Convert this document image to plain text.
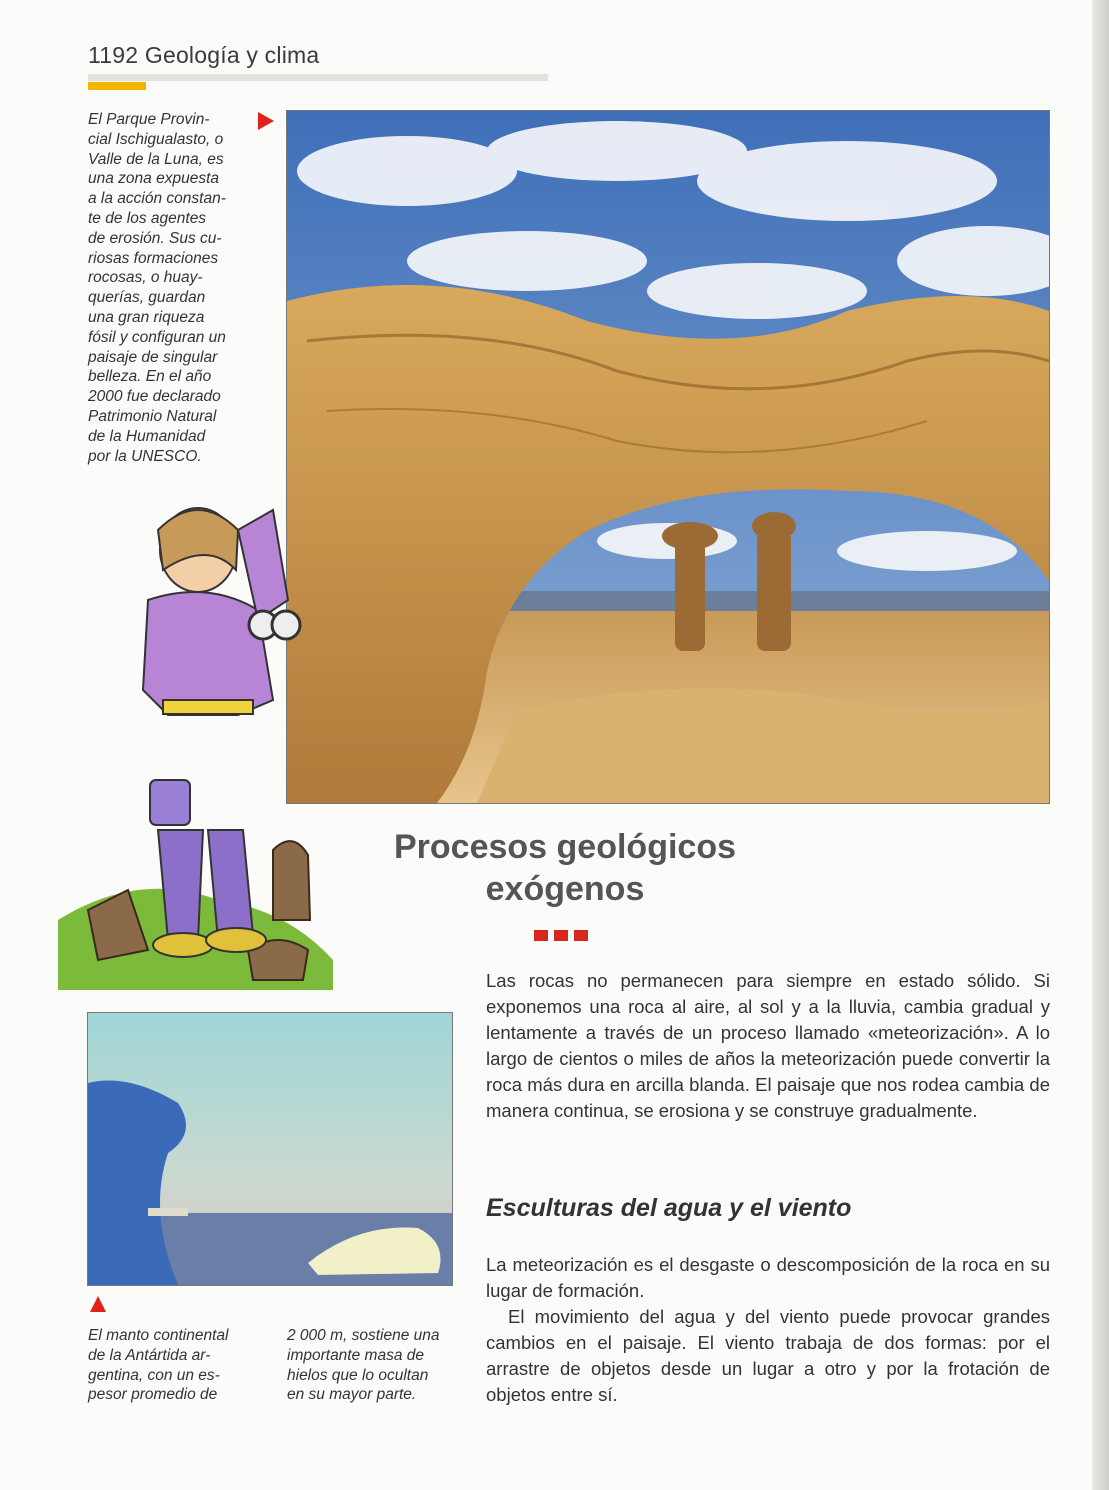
1192 Geología y clima
El Parque Provin-
cial Ischigualasto, o
Valle de la Luna, es
una zona expuesta
a la acción constan-
te de los agentes
de erosión. Sus cu-
riosas formaciones
rocosas, o huay-
querías, guardan
una gran riqueza
fósil y configuran un
paisaje de singular
belleza. En el año
2000 fue declarado
Patrimonio Natural
de la Humanidad
por la UNESCO.
Procesos geológicos
exógenos
Las rocas no permanecen para siempre en estado sólido. Si exponemos una roca al aire, al sol y a la lluvia, cambia gradual y lentamente a través de un proceso llamado «meteorización». A lo largo de cientos o miles de años la meteorización puede convertir la roca más dura en arcilla blanda. El paisaje que nos rodea cambia de manera continua, se erosiona y se construye gradualmente.
Esculturas del agua y el viento
La meteorización es el desgaste o descomposición de la roca en su lugar de formación.
El movimiento del agua y del viento puede provocar grandes cambios en el paisaje. El viento trabaja de dos formas: por el arrastre de objetos desde un lugar a otro y por la frotación de objetos entre sí.
El manto continental
de la Antártida ar-
gentina, con un es-
pesor promedio de
2 000 m, sostiene una
importante masa de
hielos que lo ocultan
en su mayor parte.
